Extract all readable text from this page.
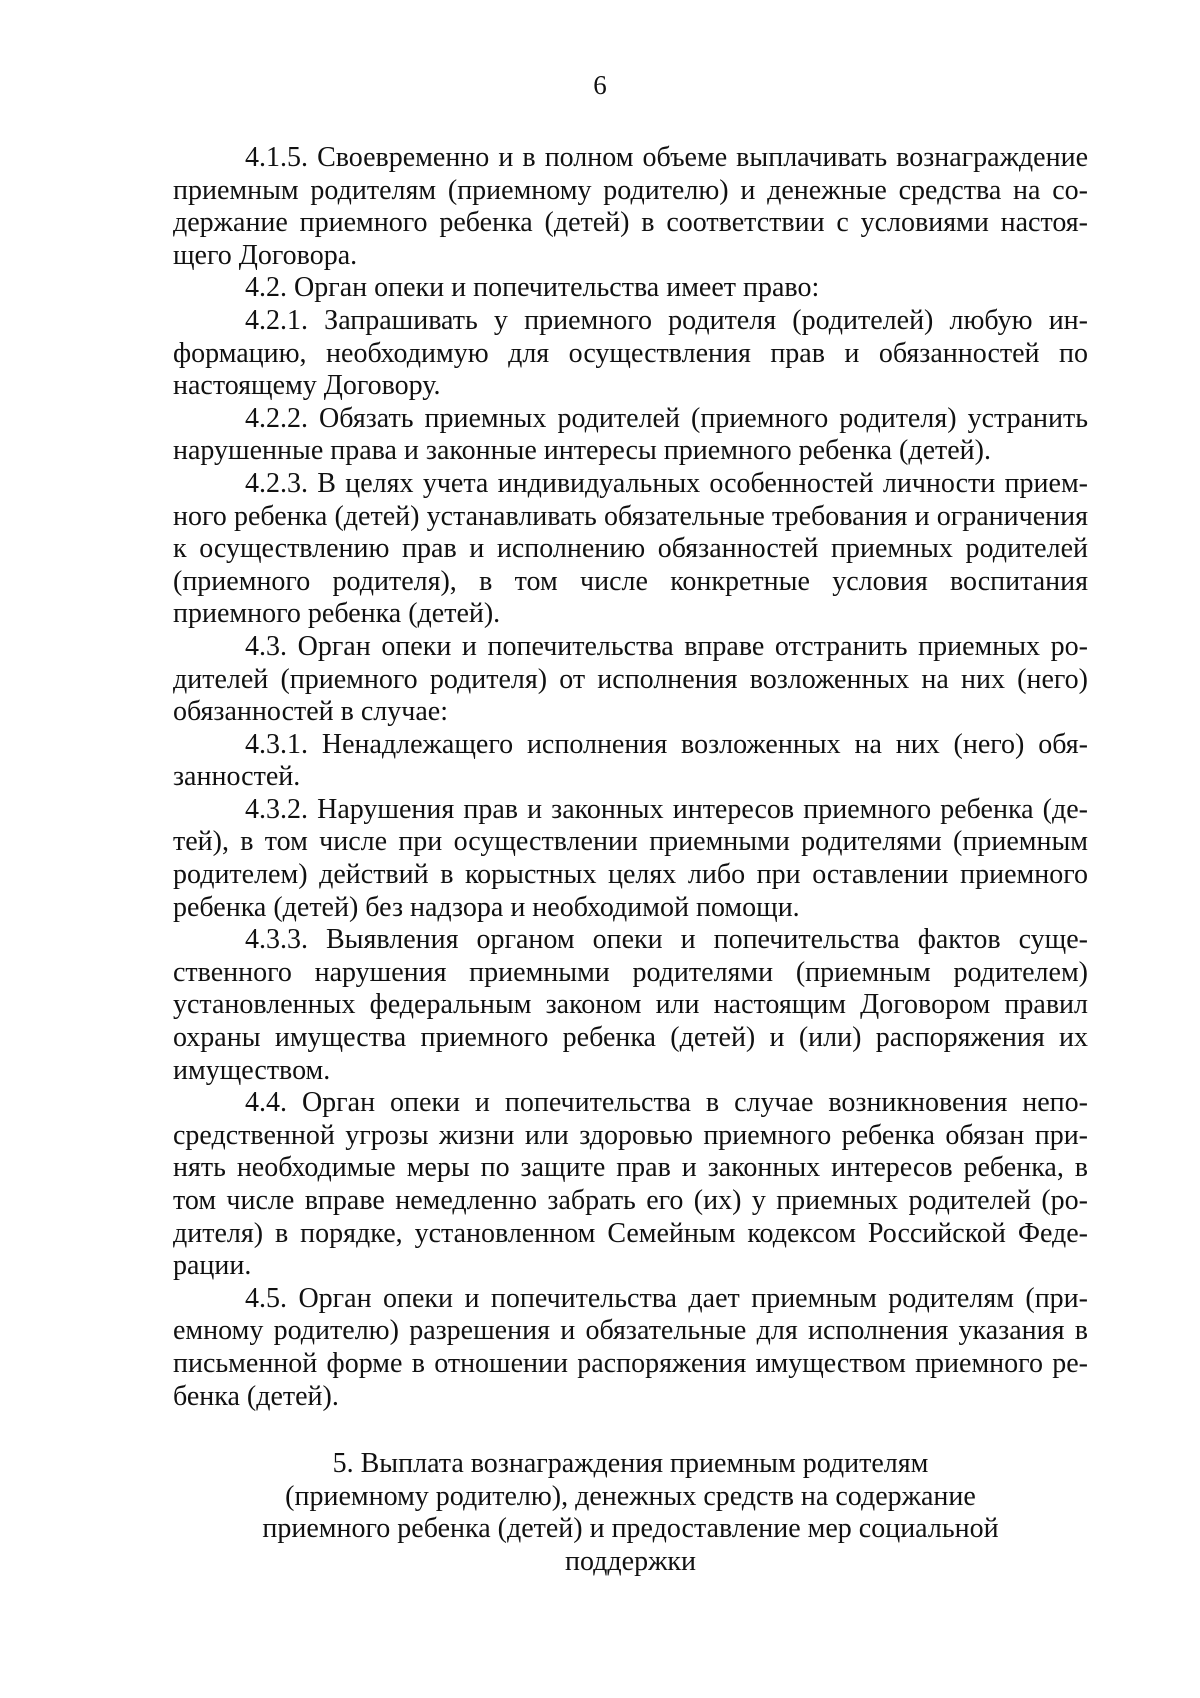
6

4.1.5. Своевременно и в полном объеме выплачивать вознаграждение приемным родителям (приемному родителю) и денежные средства на содержание приемного ребенка (детей) в соответствии с условиями настоящего Договора.

4.2. Орган опеки и попечительства имеет право:

4.2.1. Запрашивать у приемного родителя (родителей) любую информацию, необходимую для осуществления прав и обязанностей по настоящему Договору.

4.2.2. Обязать приемных родителей (приемного родителя) устранить нарушенные права и законные интересы приемного ребенка (детей).

4.2.3. В целях учета индивидуальных особенностей личности приемного ребенка (детей) устанавливать обязательные требования и ограничения к осуществлению прав и исполнению обязанностей приемных родителей (приемного родителя), в том числе конкретные условия воспитания приемного ребенка (детей).

4.3. Орган опеки и попечительства вправе отстранить приемных родителей (приемного родителя) от исполнения возложенных на них (него) обязанностей в случае:

4.3.1. Ненадлежащего исполнения возложенных на них (него) обязанностей.

4.3.2. Нарушения прав и законных интересов приемного ребенка (детей), в том числе при осуществлении приемными родителями (приемным родителем) действий в корыстных целях либо при оставлении приемного ребенка (детей) без надзора и необходимой помощи.

4.3.3. Выявления органом опеки и попечительства фактов существенного нарушения приемными родителями (приемным родителем) установленных федеральным законом или настоящим Договором правил охраны имущества приемного ребенка (детей) и (или) распоряжения их имуществом.

4.4. Орган опеки и попечительства в случае возникновения непосредственной угрозы жизни или здоровью приемного ребенка обязан принять необходимые меры по защите прав и законных интересов ребенка, в том числе вправе немедленно забрать его (их) у приемных родителей (родителя) в порядке, установленном Семейным кодексом Российской Федерации.

4.5. Орган опеки и попечительства дает приемным родителям (приемному родителю) разрешения и обязательные для исполнения указания в письменной форме в отношении распоряжения имуществом приемного ребенка (детей).

5. Выплата вознаграждения приемным родителям
(приемному родителю), денежных средств на содержание
приемного ребенка (детей) и предоставление мер социальной
поддержки
